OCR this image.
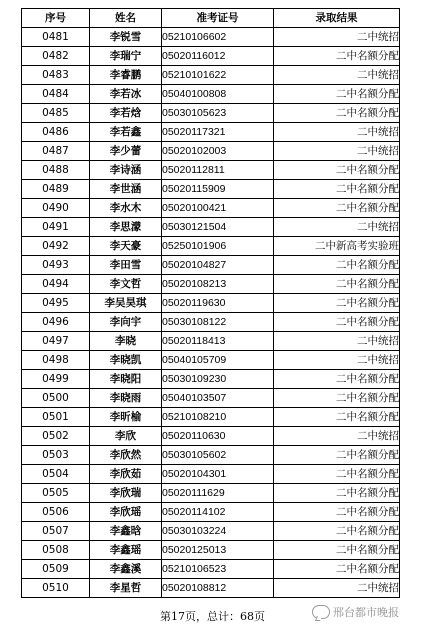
序号	姓名	准考证号	录取结果
0481	李锐雪	05210106602	二中统招
0482	李瑞宁	05020116012	二中名额分配
0483	李睿鹏	05210101622	二中统招
0484	李若冰	05040100808	二中名额分配
0485	李若焓	05030105623	二中名额分配
0486	李若鑫	05020117321	二中统招
0487	李少蕾	05020102003	二中统招
0488	李诗涵	05020112811	二中名额分配
0489	李世涵	05020115909	二中名额分配
0490	李水木	05020100421	二中名额分配
0491	李思濛	05030121504	二中统招
0492	李天豪	05250101906	二中新高考实验班
0493	李田雪	05020104827	二中名额分配
0494	李文哲	05020108213	二中名额分配
0495	李吴昊琪	05020119630	二中名额分配
0496	李向宇	05030108122	二中名额分配
0497	李晓	05020118413	二中统招
0498	李晓凯	05040105709	二中统招
0499	李晓阳	05030109230	二中名额分配
0500	李晓雨	05040103507	二中名额分配
0501	李昕榆	05210108210	二中名额分配
0502	李欣	05020110630	二中统招
0503	李欣然	05030105602	二中名额分配
0504	李欣茹	05020104301	二中名额分配
0505	李欣瑞	05020111629	二中名额分配
0506	李欣瑶	05020114102	二中名额分配
0507	李鑫晗	05030103224	二中名额分配
0508	李鑫瑶	05020125013	二中名额分配
0509	李鑫溪	05210106523	二中名额分配
0510	李星哲	05020108812	二中统招
第17页，总计：68页	邢台都市晚报
